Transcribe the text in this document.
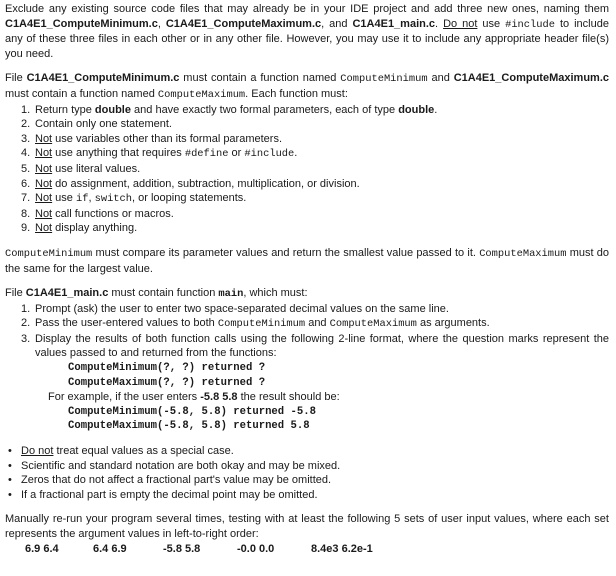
Exclude any existing source code files that may already be in your IDE project and add three new ones, naming them C1A4E1_ComputeMinimum.c, C1A4E1_ComputeMaximum.c, and C1A4E1_main.c. Do not use #include to include any of these three files in each other or in any other file. However, you may use it to include any appropriate header file(s) you need.

File C1A4E1_ComputeMinimum.c must contain a function named ComputeMinimum and C1A4E1_ComputeMaximum.c must contain a function named ComputeMaximum. Each function must:

1. Return type double and have exactly two formal parameters, each of type double.
2. Contain only one statement.
3. Not use variables other than its formal parameters.
4. Not use anything that requires #define or #include.
5. Not use literal values.
6. Not do assignment, addition, subtraction, multiplication, or division.
7. Not use if, switch, or looping statements.
8. Not call functions or macros.
9. Not display anything.

ComputeMinimum must compare its parameter values and return the smallest value passed to it. ComputeMaximum must do the same for the largest value.

File C1A4E1_main.c must contain function main, which must:

1. Prompt (ask) the user to enter two space-separated decimal values on the same line.
2. Pass the user-entered values to both ComputeMinimum and ComputeMaximum as arguments.
3. Display the results of both function calls using the following 2-line format, where the question marks represent the values passed to and returned from the functions:
ComputeMinimum(?, ?) returned ?
ComputeMaximum(?, ?) returned ?

For example, if the user enters -5.8 5.8 the result should be:

ComputeMinimum(-5.8, 5.8) returned -5.8
ComputeMaximum(-5.8, 5.8) returned 5.8
• Do not treat equal values as a special case.
• Scientific and standard notation are both okay and may be mixed.
• Zeros that do not affect a fractional part's value may be omitted.
• If a fractional part is empty the decimal point may be omitted.

Manually re-run your program several times, testing with at least the following 5 sets of user input values, where each set represents the argument values in left-to-right order:

6.9 6.4	6.4 6.9	-5.8 5.8	-0.0 0.0	8.4e3 6.2e-1
